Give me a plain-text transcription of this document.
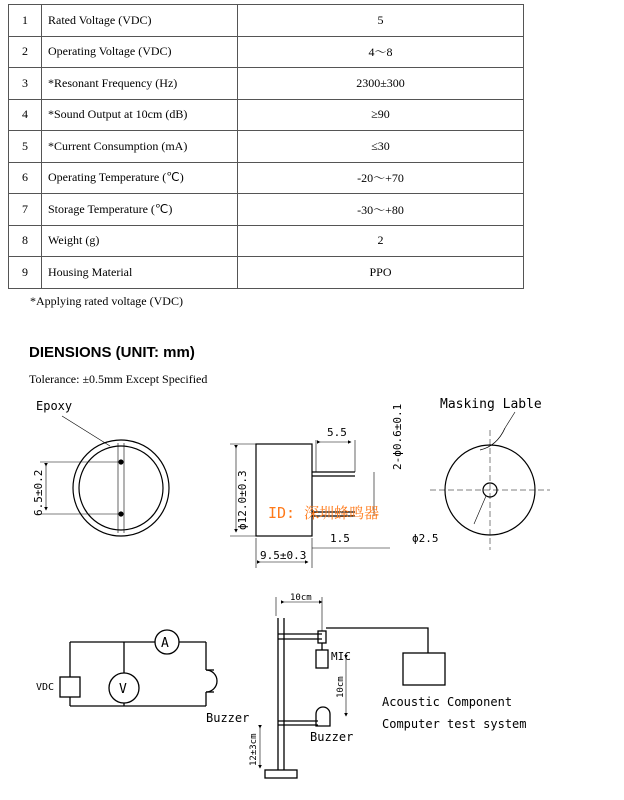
1	Rated Voltage (VDC)	5
2	Operating Voltage (VDC)	4～8
3	*Resonant Frequency (Hz)	2300±300
4	*Sound Output at 10cm (dB)	≥90
5	*Current Consumption (mA)	≤30
6	Operating Temperature (℃)	-20～+70
7	Storage Temperature (℃)	-30～+80
8	Weight (g)	2
9	Housing Material	PPO
*Applying rated voltage (VDC)
DIENSIONS (UNIT: mm)
Tolerance: ±0.5mm Except Specified
Epoxy
6.5±0.2	ϕ12.0±0.3
5.5	2-ϕ0.6±0.1
9.5±0.3
1.5
ID: 深圳蜂鸣器
Masking Lable
ϕ2.5
A
V
VDC
Buzzer
10cm
MIC
10cm
12±3cm	Buzzer
Acoustic Component
Computer test system
